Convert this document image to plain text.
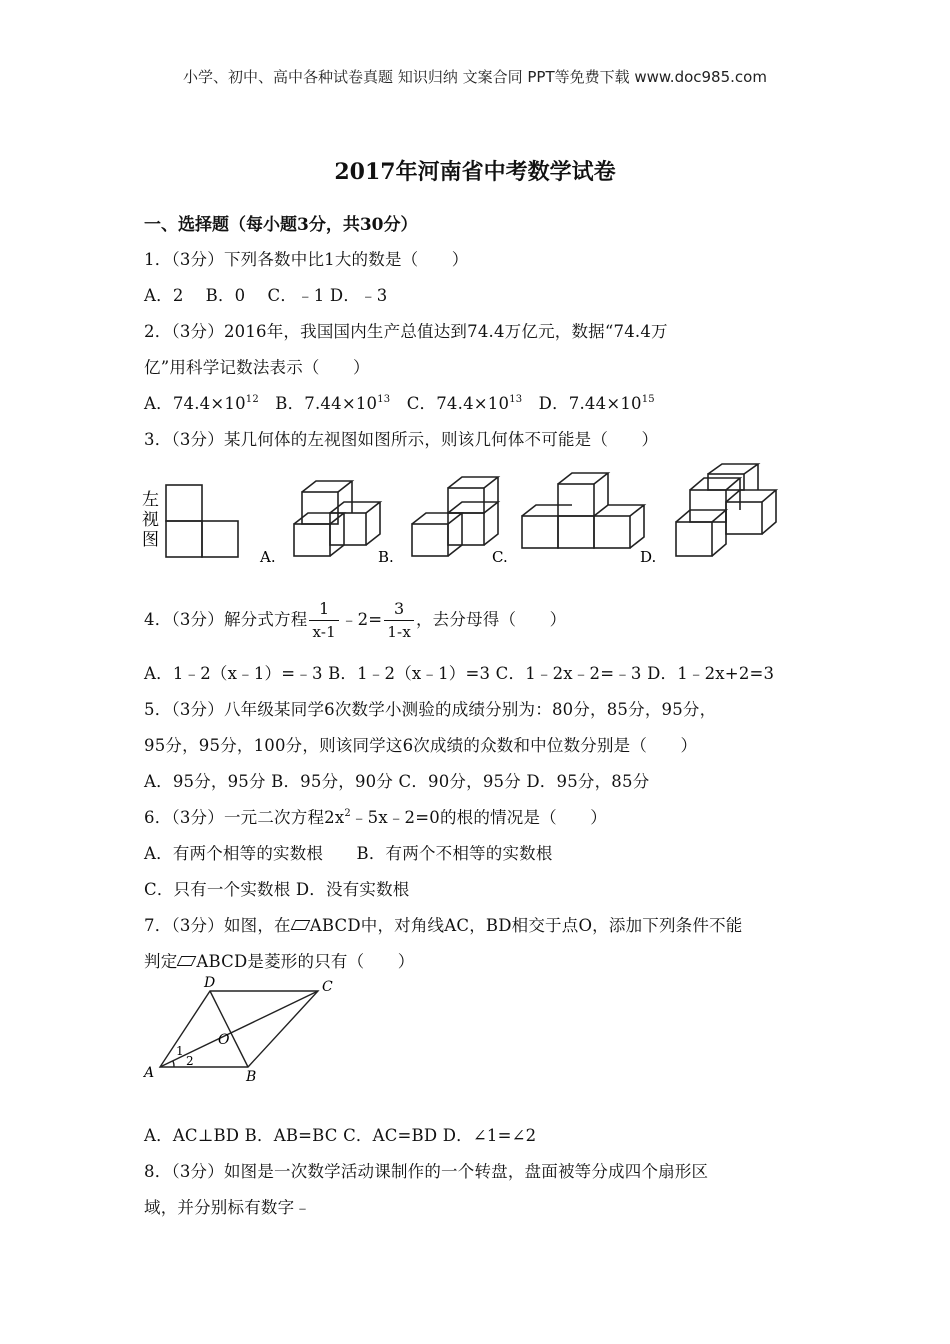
小学、初中、高中各种试卷真题 知识归纳 文案合同 PPT等免费下载 www.doc985.com
2017年河南省中考数学试卷
一、选择题（每小题3分，共30分）
1．（3分）下列各数中比1大的数是（　　）
A．2　 B．0　 C．﹣1 D．﹣3
2．（3分）2016年，我国国内生产总值达到74.4万亿元，数据“74.4万
亿”用科学记数法表示（　　）
A．$74.4\times 10^{12}$ B．$7.44\times 10^{13}$ C．$74.4\times 10^{13}$ D．$7.44\times 10^{15}$
3．（3分）某几何体的左视图如图所示，则该几何体不可能是（　　）
左
视
图
A.	B.	C.	D.
4．（3分）解分式方程 $\frac{1}{x-1}$ ﹣2= $\frac{3}{1-x}$ ，去分母得（　　）
A．1﹣2（x﹣1）=﹣3 B．1﹣2（x﹣1）=3 C．1﹣2x﹣2=﹣3 D．1﹣2x+2=3
5．（3分）八年级某同学6次数学小测验的成绩分别为：80分，85分，95分，
95分，95分，100分，则该同学这6次成绩的众数和中位数分别是（　　）
A．95分，95分 B．95分，90分 C．90分，95分 D．95分，85分
6．（3分）一元二次方程$2x^2﹣5x﹣2=0$的根的情况是（　　）
A．有两个相等的实数根　　B．有两个不相等的实数根
C．只有一个实数根 D．没有实数根
7．（3分）如图，在 ABCD中，对角线AC，BD相交于点O，添加下列条件不能
判定 ABCD是菱形的只有（　　）
A	B
C
D
O
1
2
A．AC⊥BD B．AB=BC C．AC=BD D．∠1=∠2
8．（3分）如图是一次数学活动课制作的一个转盘，盘面被等分成四个扇形区
域，并分别标有数字﹣
